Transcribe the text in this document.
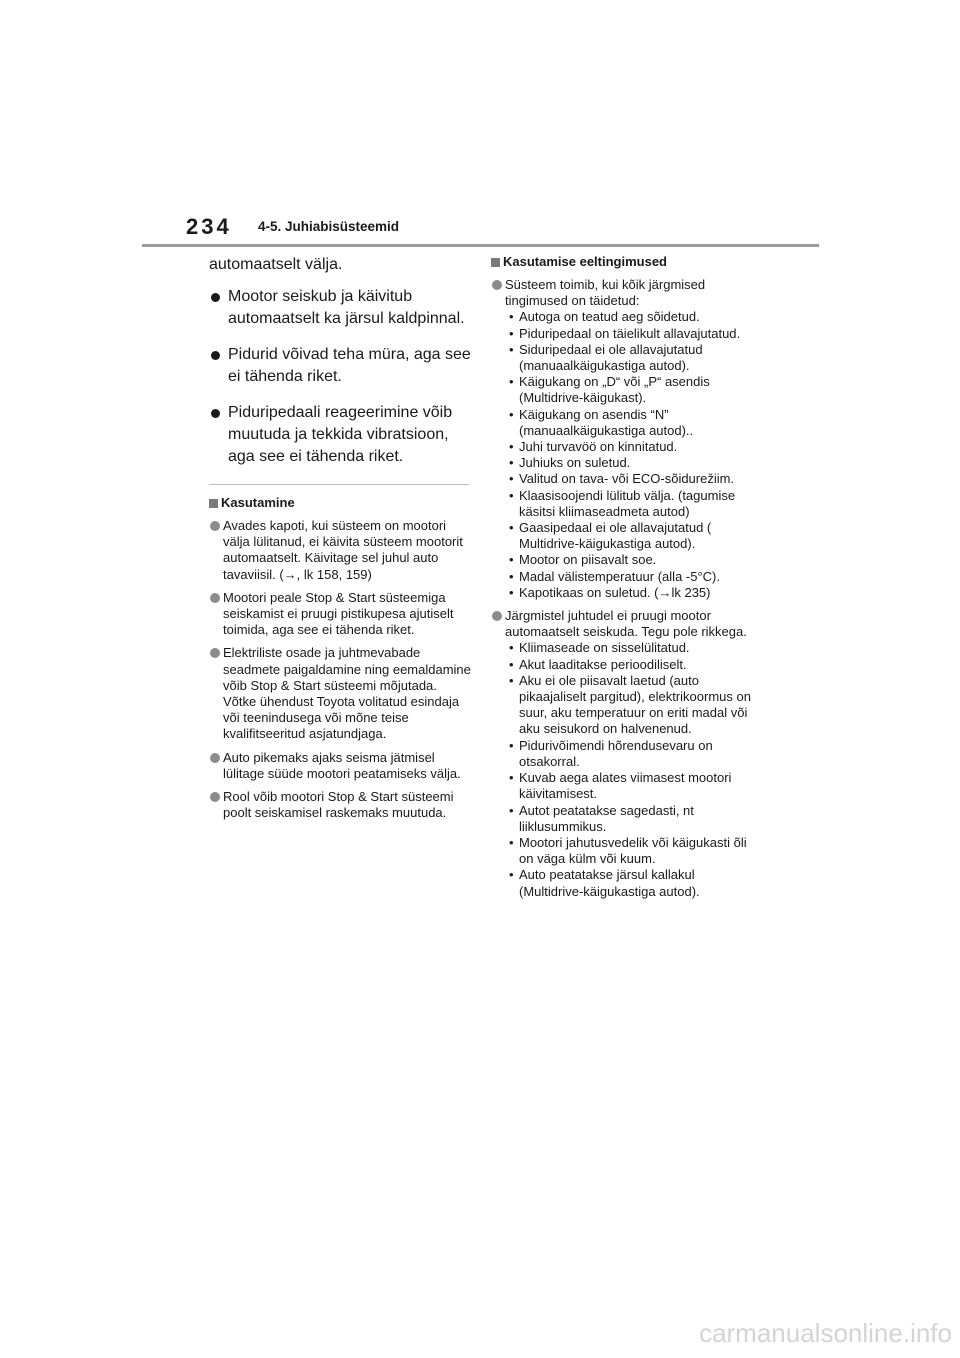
234 4-5. Juhiabisüsteemid

automaatselt välja.

Mootor seiskub ja käivitub automaatselt ka järsul kaldpinnal.
Pidurid võivad teha müra, aga see ei tähenda riket.
Piduripedaali reageerimine võib muutuda ja tekkida vibratsioon, aga see ei tähenda riket.
Kasutamine
Avades kapoti, kui süsteem on mootori välja lülitanud, ei käivita süsteem mootorit automaatselt. Käivitage sel juhul auto tavaviisil. (→, lk 158, 159)
Mootori peale Stop & Start süsteemiga seiskamist ei pruugi pistikupesa ajutiselt toimida, aga see ei tähenda riket.
Elektriliste osade ja juhtmevabade seadmete paigaldamine ning eemaldamine võib Stop & Start süsteemi mõjutada. Võtke ühendust Toyota volitatud esindaja või teenindusega või mõne teise kvalifitseeritud asjatundjaga.
Auto pikemaks ajaks seisma jätmisel lülitage süüde mootori peatamiseks välja.
Rool võib mootori Stop & Start süsteemi poolt seiskamisel raskemaks muutuda.
Kasutamise eeltingimused
Süsteem toimib, kui kõik järgmised tingimused on täidetud:
• Autoga on teatud aeg sõidetud.
• Piduripedaal on täielikult allavajutatud.
• Siduripedaal ei ole allavajutatud (manuaalkäigukastiga autod).
• Käigukang on „D“ või „P“ asendis (Multidrive-käigukast).
• Käigukang on asendis “N” (manuaalkäigukastiga autod)..
• Juhi turvavöö on kinnitatud.
• Juhiuks on suletud.
• Valitud on tava- või ECO-sõidurežiim.
• Klaasisoojendi lülitub välja. (tagumise käsitsi kliimaseadmeta autod)
• Gaasipedaal ei ole allavajutatud ( Multidrive-käigukastiga autod).
• Mootor on piisavalt soe.
• Madal välistemperatuur (alla -5°C).
• Kapotikaas on suletud. (→lk 235)
Järgmistel juhtudel ei pruugi mootor automaatselt seiskuda. Tegu pole rikkega.
• Kliimaseade on sisselülitatud.
• Akut laaditakse perioodiliselt.
• Aku ei ole piisavalt laetud (auto pikaajaliselt pargitud), elektrikoormus on suur, aku temperatuur on eriti madal või aku seisukord on halvenenud.
• Pidurivõimendi hõrendusevaru on otsakorral.
• Kuvab aega alates viimasest mootori käivitamisest.
• Autot peatatakse sagedasti, nt liiklusummikus.
• Mootori jahutusvedelik või käigukasti õli on väga külm või kuum.
• Auto peatatakse järsul kallakul (Multidrive-käigukastiga autod).
carmanualsonline.info
